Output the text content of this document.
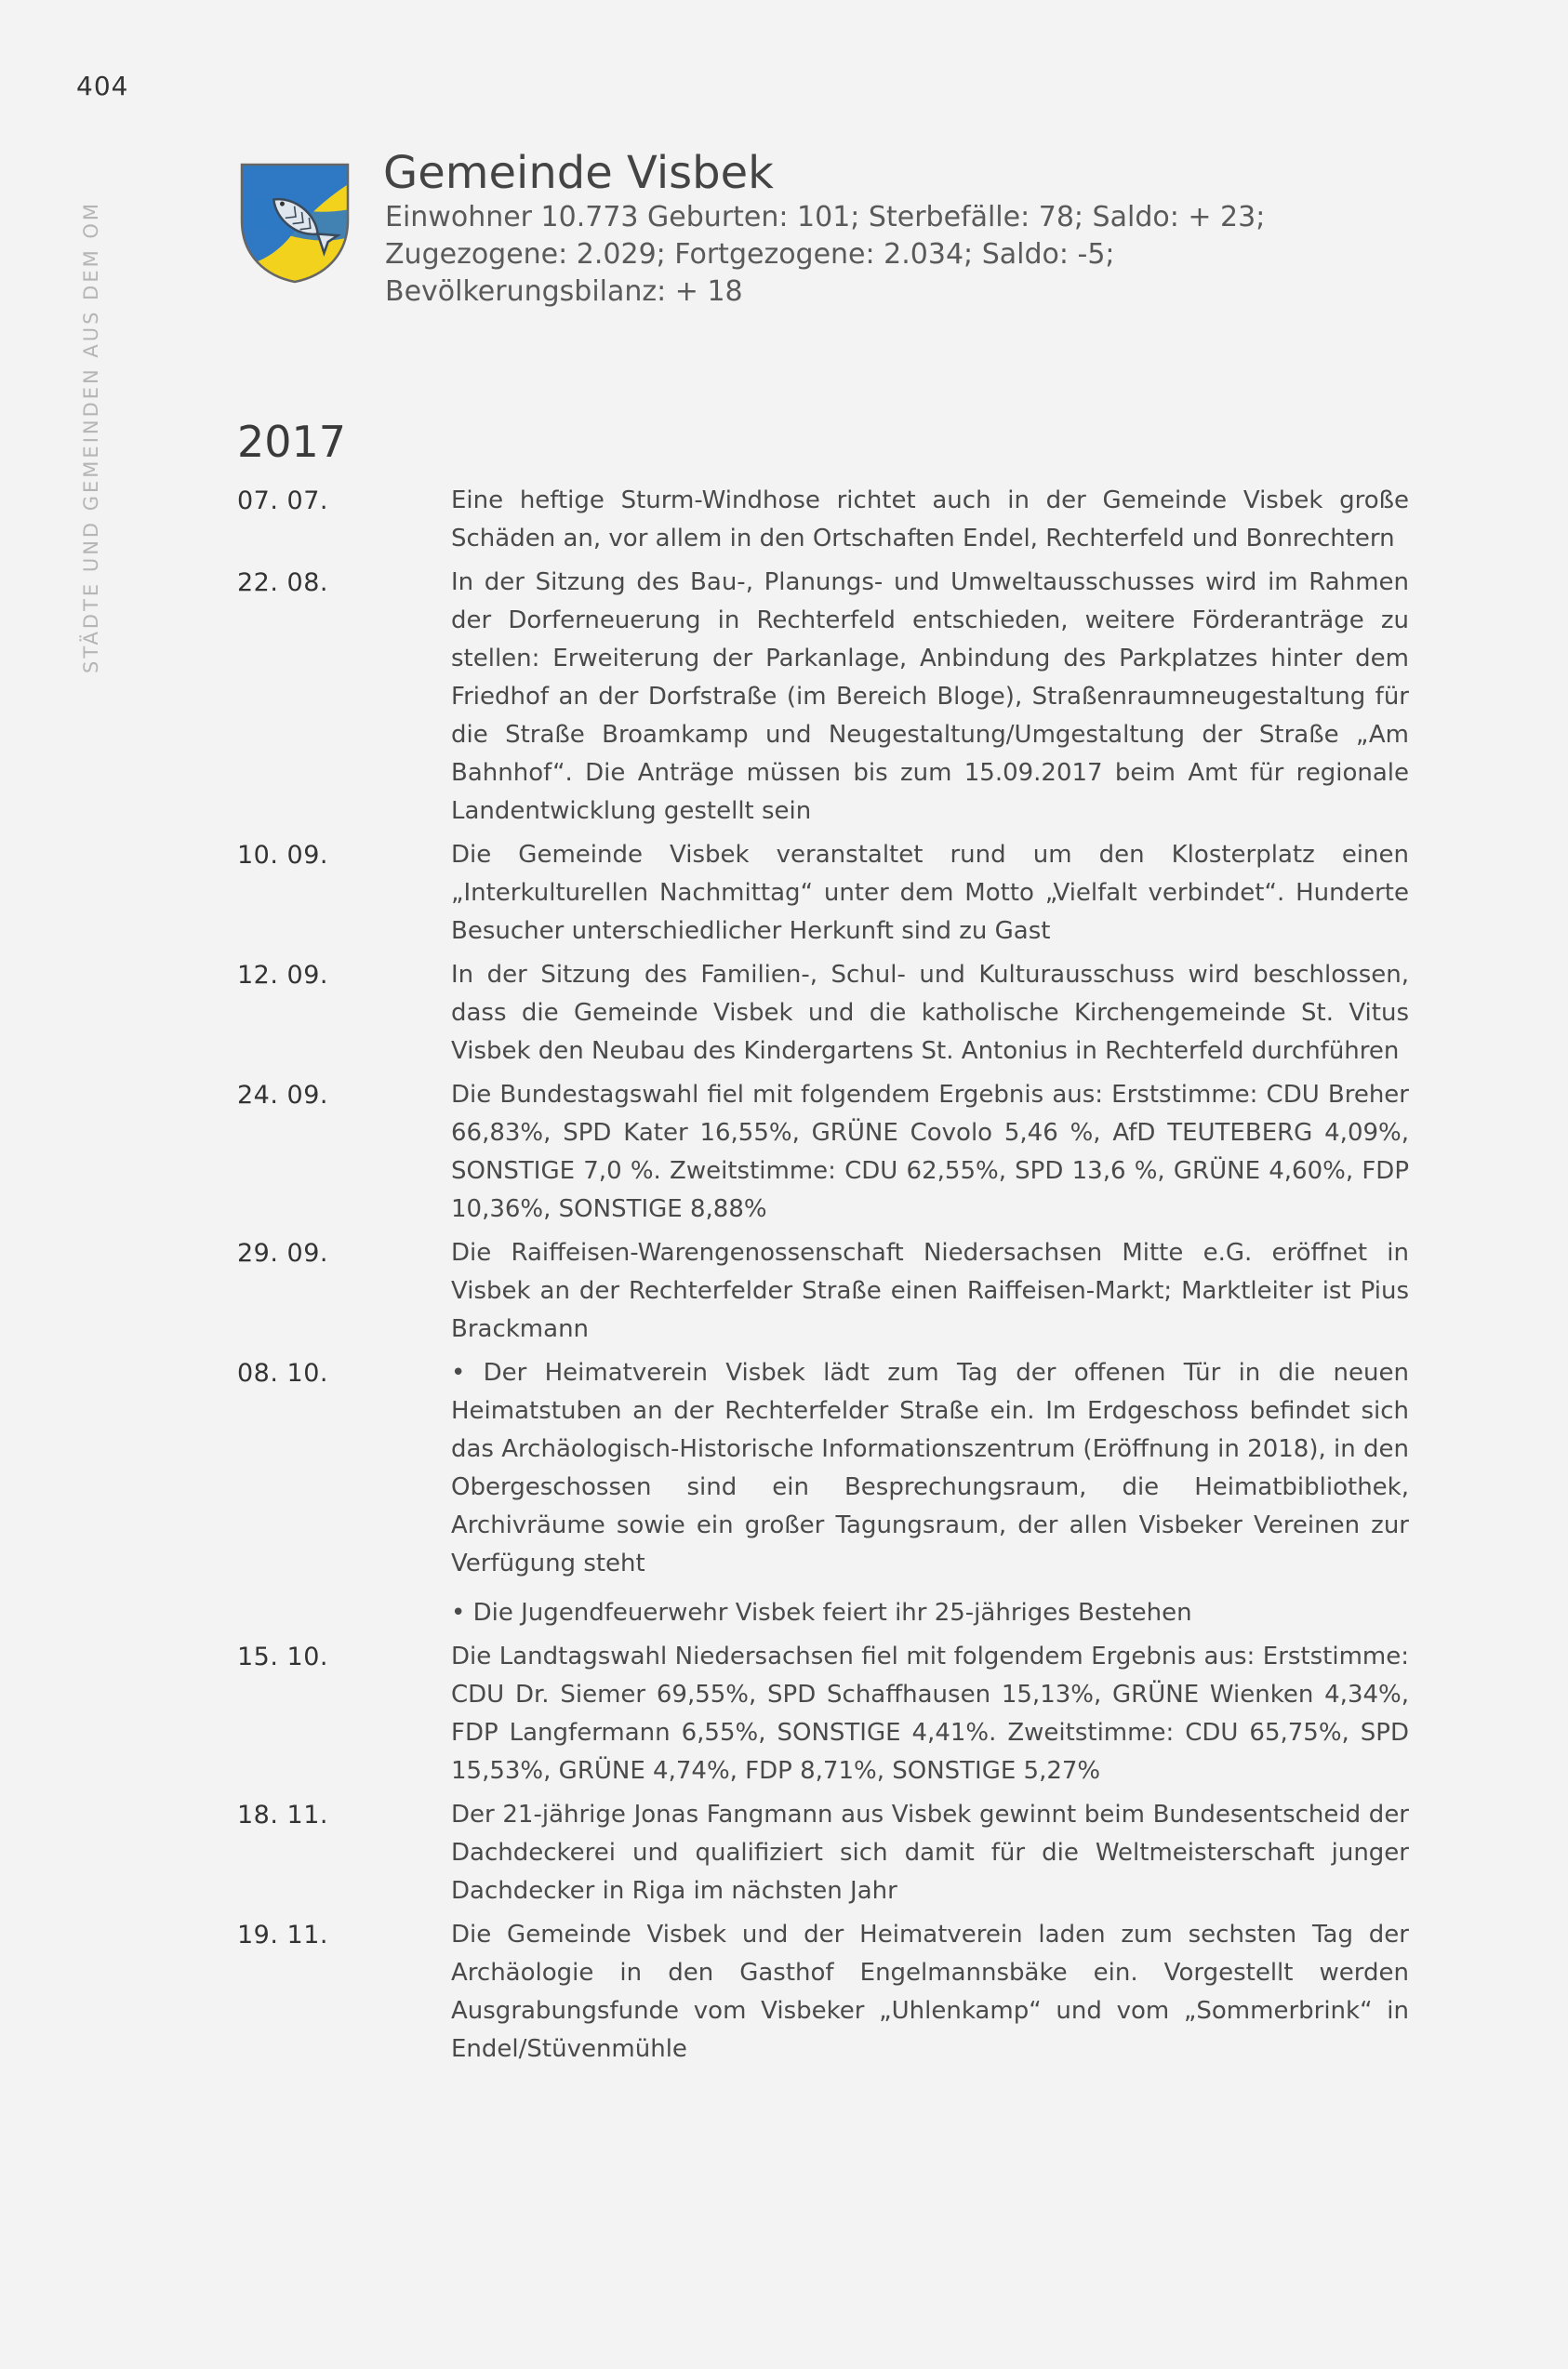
404
STÄDTE UND GEMEINDEN AUS DEM OM
Gemeinde Visbek
Einwohner 10.773 Geburten: 101; Sterbefälle: 78; Saldo: + 23;
Zugezogene: 2.029; Fortgezogene: 2.034; Saldo: -5;
Bevölkerungsbilanz: + 18
2017
07. 07.	Eine heftige Sturm-Windhose richtet auch in der Gemeinde Visbek große Schäden an, vor allem in den Ortschaften Endel, Rechterfeld und Bonrechtern

22. 08.	In der Sitzung des Bau-, Planungs- und Umweltausschusses wird im Rahmen der Dorferneuerung in Rechterfeld entschieden, weitere Förderanträge zu stellen: Erweiterung der Parkanlage, Anbindung des Parkplatzes hinter dem Friedhof an der Dorfstraße (im Bereich Bloge), Straßenraumneugestaltung für die Straße Broamkamp und Neugestaltung/Umgestaltung der Straße „Am Bahnhof“. Die Anträge müssen bis zum 15.09.2017 beim Amt für regionale Landentwicklung gestellt sein

10. 09.	Die Gemeinde Visbek veranstaltet rund um den Klosterplatz einen „Interkulturellen Nachmittag“ unter dem Motto „Vielfalt verbindet“. Hunderte Besucher unterschiedlicher Herkunft sind zu Gast

12. 09.	In der Sitzung des Familien-, Schul- und Kulturausschuss wird beschlossen, dass die Gemeinde Visbek und die katholische Kirchengemeinde St. Vitus Visbek den Neubau des Kindergartens St. Antonius in Rechterfeld durchführen

24. 09.	Die Bundestagswahl fiel mit folgendem Ergebnis aus: Erststimme: CDU Breher 66,83%, SPD Kater 16,55%, GRÜNE Covolo 5,46 %, AfD TEUTEBERG 4,09%, SONSTIGE 7,0 %. Zweitstimme: CDU 62,55%, SPD 13,6 %, GRÜNE 4,60%, FDP 10,36%, SONSTIGE 8,88%

29. 09.	Die Raiffeisen-Warengenossenschaft Niedersachsen Mitte e.G. eröffnet in Visbek an der Rechterfelder Straße einen Raiffeisen-Markt; Marktleiter ist Pius Brackmann

08. 10.	• Der Heimatverein Visbek lädt zum Tag der offenen Tür in die neuen Heimatstuben an der Rechterfelder Straße ein. Im Erdgeschoss befindet sich das Archäologisch-Historische Informationszentrum (Eröffnung in 2018), in den Obergeschossen sind ein Besprechungsraum, die Heimatbibliothek, Archivräume sowie ein großer Tagungsraum, der allen Visbeker Vereinen zur Verfügung steht

• Die Jugendfeuerwehr Visbek feiert ihr 25-jähriges Bestehen

15. 10.	Die Landtagswahl Niedersachsen fiel mit folgendem Ergebnis aus: Erststimme: CDU Dr. Siemer 69,55%, SPD Schaffhausen 15,13%, GRÜNE Wienken 4,34%, FDP Langfermann 6,55%, SONSTIGE 4,41%. Zweitstimme: CDU 65,75%, SPD 15,53%, GRÜNE 4,74%, FDP 8,71%, SONSTIGE 5,27%

18. 11.	Der 21-jährige Jonas Fangmann aus Visbek gewinnt beim Bundesentscheid der Dachdeckerei und qualifiziert sich damit für die Weltmeisterschaft junger Dachdecker in Riga im nächsten Jahr

19. 11.	Die Gemeinde Visbek und der Heimatverein laden zum sechsten Tag der Archäologie in den Gasthof Engelmannsbäke ein. Vorgestellt werden Ausgrabungsfunde vom Visbeker „Uhlenkamp“ und vom „Sommerbrink“ in Endel/Stüvenmühle
